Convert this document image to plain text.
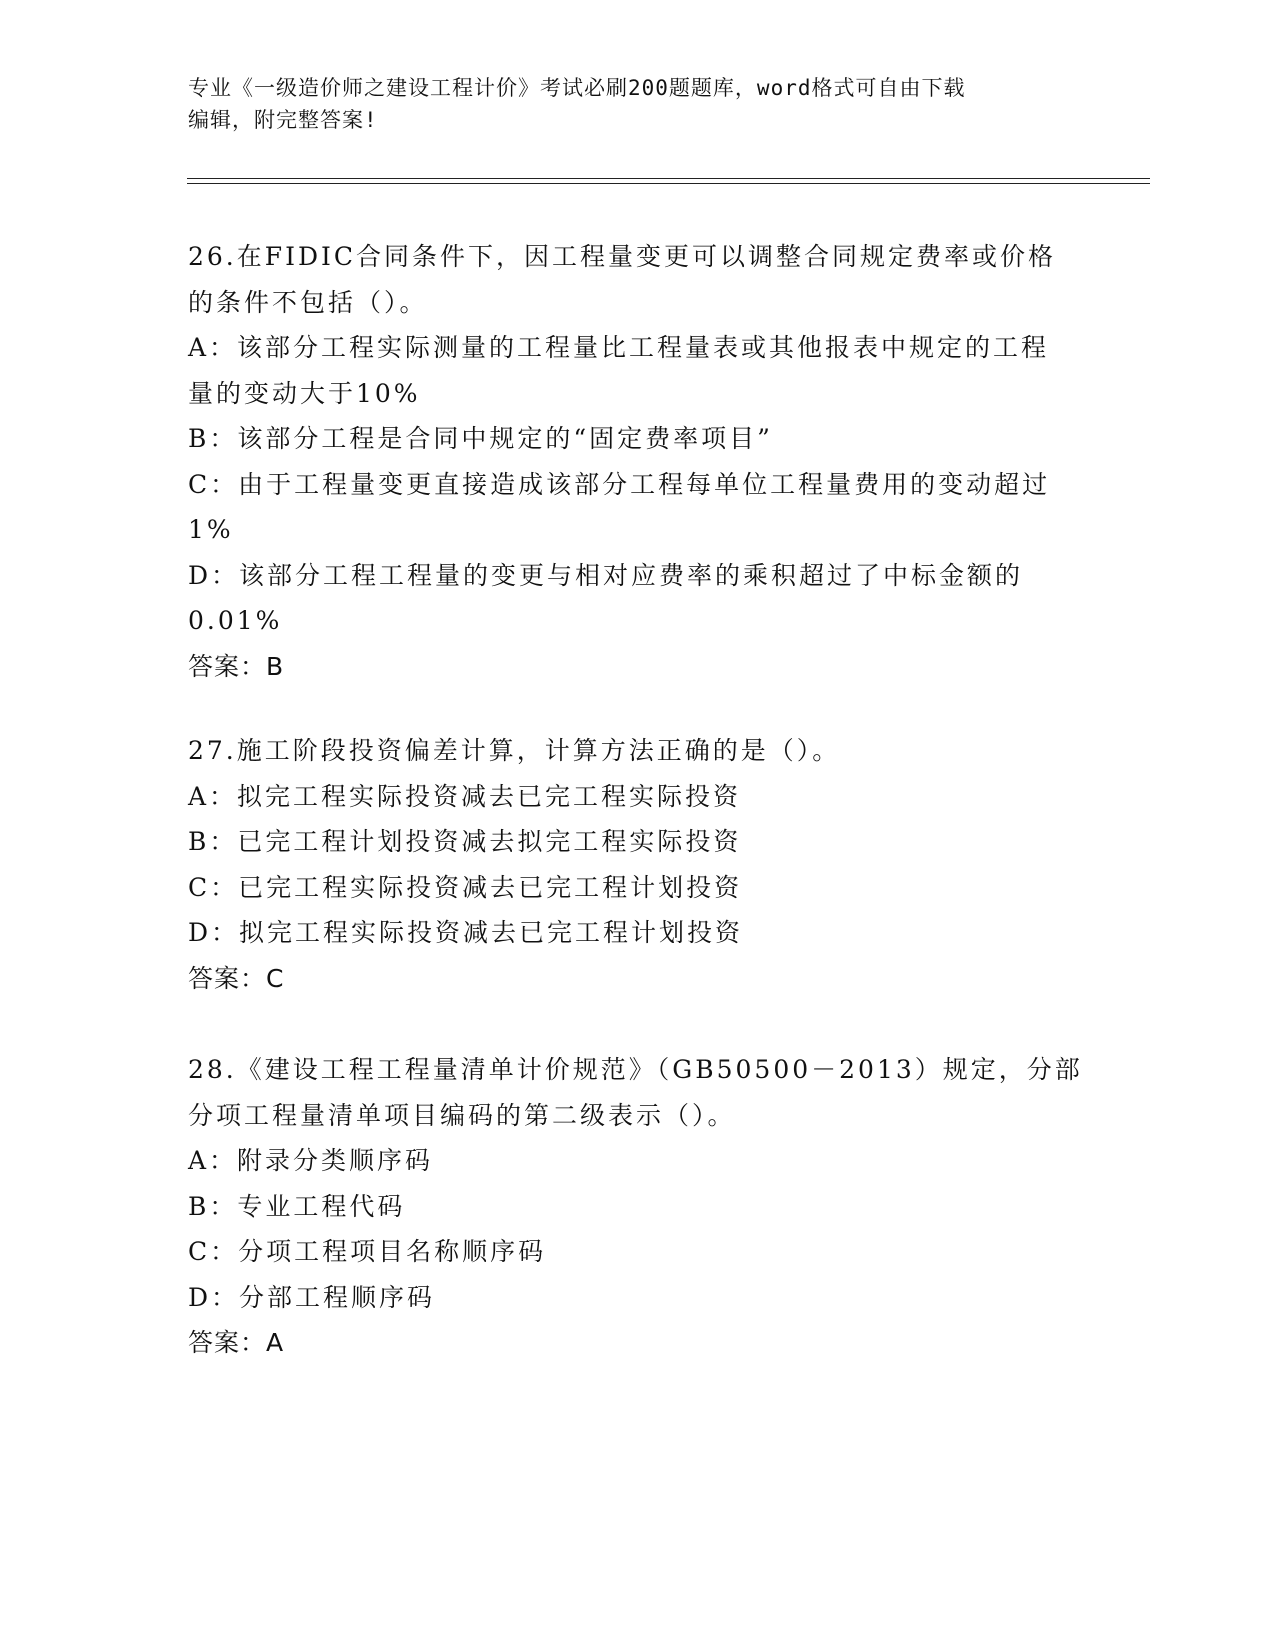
专业《一级造价师之建设工程计价》考试必刷200题题库，word格式可自由下载
编辑，附完整答案!
26.在FIDIC合同条件下，因工程量变更可以调整合同规定费率或价格
的条件不包括（）。
A：该部分工程实际测量的工程量比工程量表或其他报表中规定的工程
量的变动大于10%
B：该部分工程是合同中规定的“固定费率项目”
C：由于工程量变更直接造成该部分工程每单位工程量费用的变动超过
1%
D：该部分工程工程量的变更与相对应费率的乘积超过了中标金额的
0.01%
答案：B
27.施工阶段投资偏差计算，计算方法正确的是（）。
A：拟完工程实际投资减去已完工程实际投资
B：已完工程计划投资减去拟完工程实际投资
C：已完工程实际投资减去已完工程计划投资
D：拟完工程实际投资减去已完工程计划投资
答案：C
28.《建设工程工程量清单计价规范》（GB50500－2013）规定，分部
分项工程量清单项目编码的第二级表示（）。
A：附录分类顺序码
B：专业工程代码
C：分项工程项目名称顺序码
D：分部工程顺序码
答案：A
